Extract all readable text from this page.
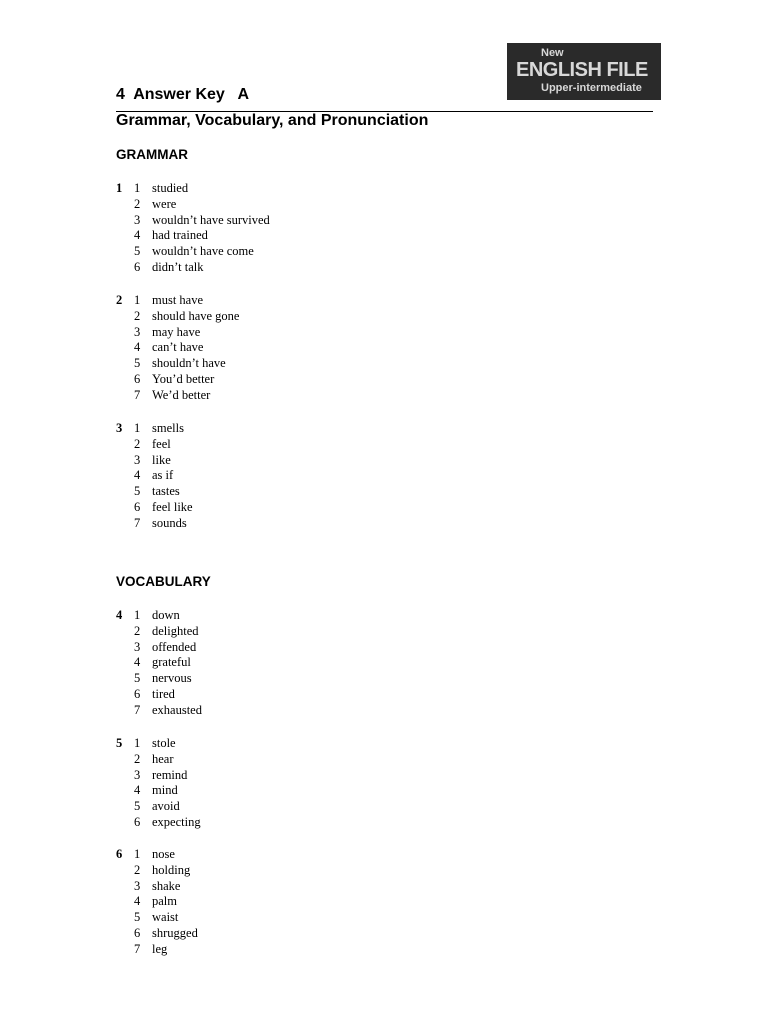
New
ENGLISH FILE
Upper-intermediate
4  Answer Key   A
Grammar, Vocabulary, and Pronunciation
GRAMMAR
1 1 studied
2 were
3 wouldn’t have survived
4 had trained
5 wouldn’t have come
6 didn’t talk
2 1 must have
2 should have gone
3 may have
4 can’t have
5 shouldn’t have
6 You’d better
7 We’d better
3 1 smells
2 feel
3 like
4 as if
5 tastes
6 feel like
7 sounds
VOCABULARY
4 1 down
2 delighted
3 offended
4 grateful
5 nervous
6 tired
7 exhausted
5 1 stole
2 hear
3 remind
4 mind
5 avoid
6 expecting
6 1 nose
2 holding
3 shake
4 palm
5 waist
6 shrugged
7 leg
